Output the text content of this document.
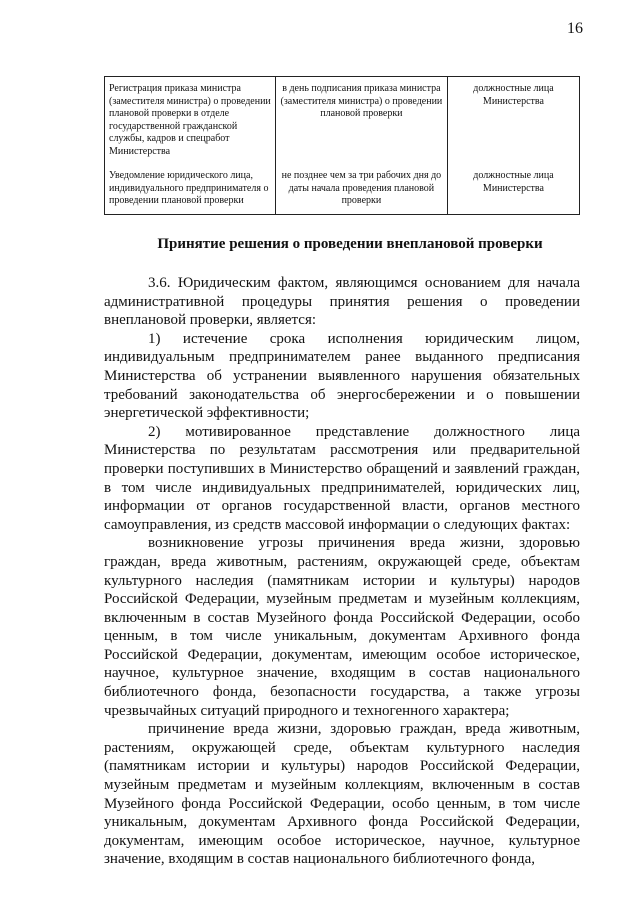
16
Регистрация приказа министра (заместителя министра) о проведении плановой проверки в отделе государственной гражданской службы, кадров и спецработ Министерства	в день подписания приказа министра (заместителя министра) о проведении плановой проверки	должностные лица Министерства
Уведомление юридического лица, индивидуального предпринимателя о проведении плановой проверки	не позднее чем за три рабочих дня до даты начала проведения плановой проверки	должностные лица Министерства
Принятие решения о проведении внеплановой проверки

3.6. Юридическим фактом, являющимся основанием для начала административной процедуры принятия решения о проведении внеплановой проверки, является:

1) истечение срока исполнения юридическим лицом, индивидуальным предпринимателем ранее выданного предписания Министерства об устранении выявленного нарушения обязательных требований законодательства об энергосбережении и о повышении энергетической эффективности;

2) мотивированное представление должностного лица Министерства по результатам рассмотрения или предварительной проверки поступивших в Министерство обращений и заявлений граждан, в том числе индивидуальных предпринимателей, юридических лиц, информации от органов государственной власти, органов местного самоуправления, из средств массовой информации о следующих фактах:

возникновение угрозы причинения вреда жизни, здоровью граждан, вреда животным, растениям, окружающей среде, объектам культурного наследия (памятникам истории и культуры) народов Российской Федерации, музейным предметам и музейным коллекциям, включенным в состав Музейного фонда Российской Федерации, особо ценным, в том числе уникальным, документам Архивного фонда Российской Федерации, документам, имеющим особое историческое, научное, культурное значение, входящим в состав национального библиотечного фонда, безопасности государства, а также угрозы чрезвычайных ситуаций природного и техногенного характера;

причинение вреда жизни, здоровью граждан, вреда животным, растениям, окружающей среде, объектам культурного наследия (памятникам истории и культуры) народов Российской Федерации, музейным предметам и музейным коллекциям, включенным в состав Музейного фонда Российской Федерации, особо ценным, в том числе уникальным, документам Архивного фонда Российской Федерации, документам, имеющим особое историческое, научное, культурное значение, входящим в состав национального библиотечного фонда,
